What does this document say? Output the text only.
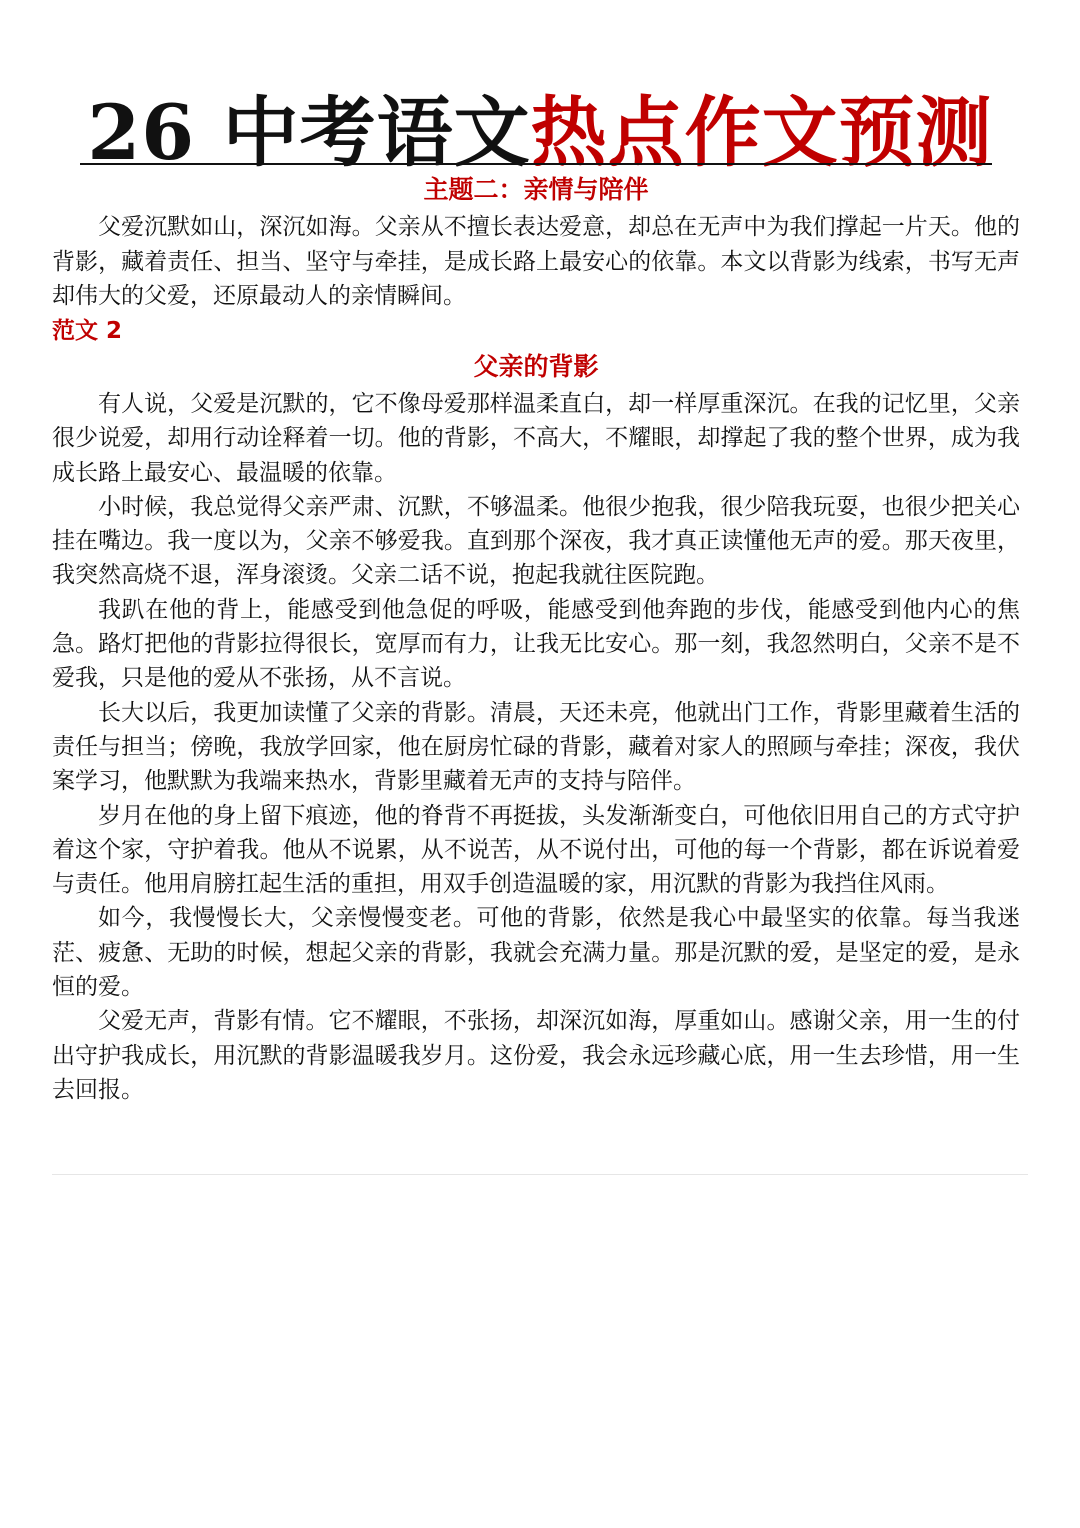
26 中考语文热点作文预测
主题二：亲情与陪伴

父爱沉默如山，深沉如海。父亲从不擅长表达爱意，却总在无声中为我们撑起一片天。他的背影，藏着责任、担当、坚守与牵挂，是成长路上最安心的依靠。本文以背影为线索，书写无声却伟大的父爱，还原最动人的亲情瞬间。

范文 2
父亲的背影

有人说，父爱是沉默的，它不像母爱那样温柔直白，却一样厚重深沉。在我的记忆里，父亲很少说爱，却用行动诠释着一切。他的背影，不高大，不耀眼，却撑起了我的整个世界，成为我成长路上最安心、最温暖的依靠。

小时候，我总觉得父亲严肃、沉默，不够温柔。他很少抱我，很少陪我玩耍，也很少把关心挂在嘴边。我一度以为，父亲不够爱我。直到那个深夜，我才真正读懂他无声的爱。那天夜里，我突然高烧不退，浑身滚烫。父亲二话不说，抱起我就往医院跑。

我趴在他的背上，能感受到他急促的呼吸，能感受到他奔跑的步伐，能感受到他内心的焦急。路灯把他的背影拉得很长，宽厚而有力，让我无比安心。那一刻，我忽然明白，父亲不是不爱我，只是他的爱从不张扬，从不言说。

长大以后，我更加读懂了父亲的背影。清晨，天还未亮，他就出门工作，背影里藏着生活的责任与担当；傍晚，我放学回家，他在厨房忙碌的背影，藏着对家人的照顾与牵挂；深夜，我伏案学习，他默默为我端来热水，背影里藏着无声的支持与陪伴。

岁月在他的身上留下痕迹，他的脊背不再挺拔，头发渐渐变白，可他依旧用自己的方式守护着这个家，守护着我。他从不说累，从不说苦，从不说付出，可他的每一个背影，都在诉说着爱与责任。他用肩膀扛起生活的重担，用双手创造温暖的家，用沉默的背影为我挡住风雨。

如今，我慢慢长大，父亲慢慢变老。可他的背影，依然是我心中最坚实的依靠。每当我迷茫、疲惫、无助的时候，想起父亲的背影，我就会充满力量。那是沉默的爱，是坚定的爱，是永恒的爱。

父爱无声，背影有情。它不耀眼，不张扬，却深沉如海，厚重如山。感谢父亲，用一生的付出守护我成长，用沉默的背影温暖我岁月。这份爱，我会永远珍藏心底，用一生去珍惜，用一生去回报。
